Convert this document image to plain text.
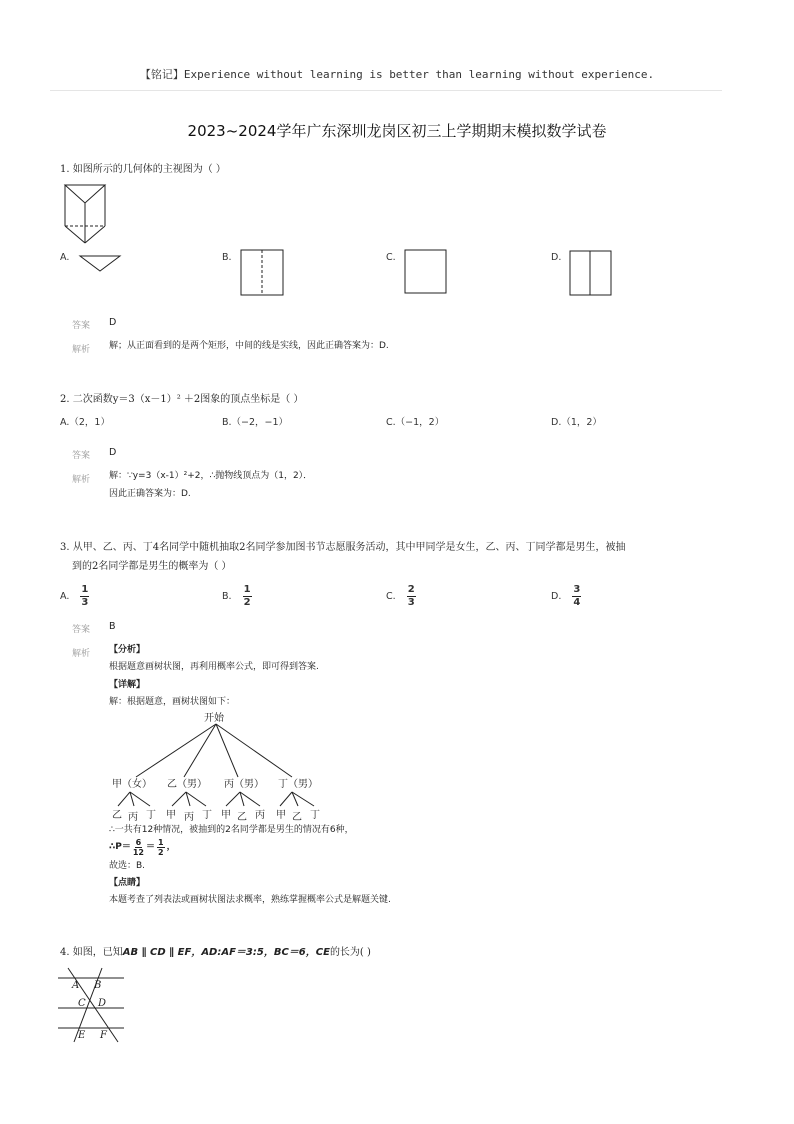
【铭记】Experience without learning is better than learning without experience.
2023~2024学年广东深圳龙岗区初三上学期期末模拟数学试卷
1. 如图所示的几何体的主视图为（ ）
A.	B.	C.	D.
答案 D
解析 解；从正面看到的是两个矩形，中间的线是实线，因此正确答案为：D.
2. 二次函数y＝3（x－1）² ＋2图象的顶点坐标是（ ）
A.（2，1）	B.（−2，−1）	C.（−1，2）	D.（1，2）
答案 D
解析 解：∵y=3（x-1）²+2，∴抛物线顶点为（1，2）．
因此正确答案为：D.
3. 从甲、乙、丙、丁4名同学中随机抽取2名同学参加图书节志愿服务活动，其中甲同学是女生，乙、丙、丁同学都是男生，被抽
到的2名同学都是男生的概率为（ ）
A. $\frac{1}{3}$	B. $\frac{1}{2}$	C. $\frac{2}{3}$	D. $\frac{3}{4}$
答案 B
解析 【分析】
根据题意画树状图，再利用概率公式，即可得到答案.
【详解】
解：根据题意，画树状图如下：
开始
甲（女） 乙（男） 丙（男） 丁（男）
乙 丙 丁 甲 丙 丁 甲 乙 丙 甲 乙 丁
∴一共有12种情况，被抽到的2名同学都是男生的情况有6种，
∴P＝ $\frac{6}{12} = \frac{1}{2}$ ，
故选：B.
【点睛】
本题考查了列表法或画树状图法求概率，熟练掌握概率公式是解题关键.
4. 如图，已知AB ∥ CD ∥ EF，AD:AF＝3:5，BC＝6，CE的长为( )
A B
C D
E F
